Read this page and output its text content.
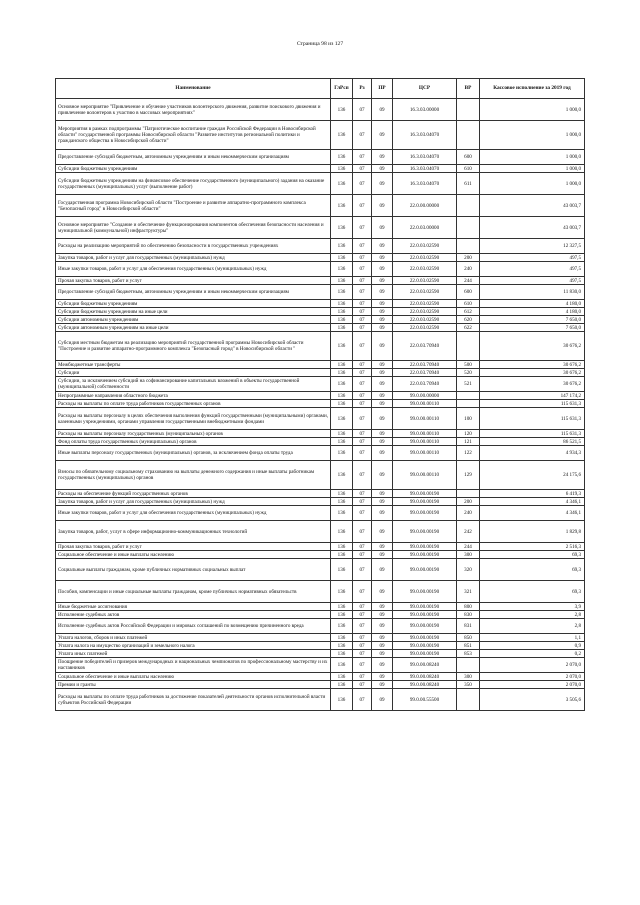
Страница 98 из 127
Наименование	ГлРсп	Рз	ПР	ЦСР	ВР	Кассовое исполнение за 2019 год
Основное мероприятие "Привлечение и обучение участников волонтерского движения, развитие поискового движения и привлечение волонтеров к участию в массовых мероприятиях"	136	07	09	16.3.03.00000		1 000,0
Мероприятия в рамках подпрограммы "Патриотическое воспитание граждан Российской Федерации в Новосибирской области" государственной программы Новосибирской области "Развитие институтов региональной политики и гражданского общества в Новосибирской области"	136	07	09	16.3.03.04070		1 000,0
Предоставление субсидий бюджетным, автономным учреждениям и иным некоммерческим организациям	136	07	09	16.3.03.04070	600	1 000,0
Субсидии бюджетным учреждениям	136	07	09	16.3.03.04070	610	1 000,0
Субсидии бюджетным учреждениям на финансовое обеспечение государственного (муниципального) задания на оказание государственных (муниципальных) услуг (выполнение работ)	136	07	09	16.3.03.04070	611	1 000,0
Государственная программа Новосибирской области "Построение и развитие аппаратно-программного комплекса "Безопасный город" в Новосибирской области"	136	07	09	22.0.00.00000		43 003,7
Основное мероприятие "Создание и обеспечение функционирования компонентов обеспечения безопасности населения и муниципальной (коммунальной) инфраструктуры"	136	07	09	22.0.03.00000		43 003,7
Расходы на реализацию мероприятий по обеспечению безопасности в государственных учреждениях	136	07	09	22.0.03.02590		12 327,5
Закупка товаров, работ и услуг для государственных (муниципальных) нужд	136	07	09	22.0.03.02590	200	497,5
Иные закупки товаров, работ и услуг для обеспечения государственных (муниципальных) нужд	136	07	09	22.0.03.02590	240	497,5
Прочая закупка товаров, работ и услуг	136	07	09	22.0.03.02590	244	497,5
Предоставление субсидий бюджетным, автономным учреждениям и иным некоммерческим организациям	136	07	09	22.0.03.02590	600	11 830,0
Субсидии бюджетным учреждениям	136	07	09	22.0.03.02590	610	4 180,0
Субсидии бюджетным учреждениям на иные цели	136	07	09	22.0.03.02590	612	4 180,0
Субсидии автономным учреждениям	136	07	09	22.0.03.02590	620	7 650,0
Субсидии автономным учреждениям на иные цели	136	07	09	22.0.03.02590	622	7 650,0
Субсидия местным бюджетам на реализацию мероприятий государственной программы Новосибирской области "Построение и развитие аппаратно-программного комплекса "Безопасный город" в Новосибирской области "	136	07	09	22.0.03.70940		30 676,2
Межбюджетные трансферты	136	07	09	22.0.03.70940	500	30 676,2
Субсидии	136	07	09	22.0.03.70940	520	30 676,2
Субсидии, за исключением субсидий на софинансирование капитальных вложений в объекты государственной (муниципальной) собственности	136	07	09	22.0.03.70940	521	30 676,2
Непрограммные направления областного бюджета	136	07	09	99.0.00.00000		147 174,2
Расходы на выплаты по оплате труда работников государственных органов	136	07	09	99.0.00.00110		115 631,3
Расходы на выплаты персоналу в целях обеспечения выполнения функций государственными (муниципальными) органами, казенными учреждениями, органами управления государственными внебюджетными фондами	136	07	09	99.0.00.00110	100	115 631,3
Расходы на выплаты персоналу государственных (муниципальных) органов	136	07	09	99.0.00.00110	120	115 631,3
Фонд оплаты труда государственных (муниципальных) органов	136	07	09	99.0.00.00110	121	86 521,5
Иные выплаты персоналу государственных (муниципальных) органов, за исключением фонда оплаты труда	136	07	09	99.0.00.00110	122	4 934,3
Взносы по обязательному социальному страхованию на выплаты денежного содержания и иные выплаты работникам государственных (муниципальных) органов	136	07	09	99.0.00.00110	129	24 175,6
Расходы на обеспечение функций государственных органов	136	07	09	99.0.00.00190		6 419,3
Закупка товаров, работ и услуг для государственных (муниципальных) нужд	136	07	09	99.0.00.00190	200	4 346,1
Иные закупки товаров, работ и услуг для обеспечения государственных (муниципальных) нужд	136	07	09	99.0.00.00190	240	4 346,1
Закупка товаров, работ, услуг в сфере информационно-коммуникационных технологий	136	07	09	99.0.00.00190	242	1 829,8
Прочая закупка товаров, работ и услуг	136	07	09	99.0.00.00190	244	2 516,3
Социальное обеспечение и иные выплаты населению	136	07	09	99.0.00.00190	300	69,3
Социальные выплаты гражданам, кроме публичных нормативных социальных выплат	136	07	09	99.0.00.00190	320	69,3
Пособия, компенсации и иные социальные выплаты гражданам, кроме публичных нормативных обязательств	136	07	09	99.0.00.00190	321	69,3
Иные бюджетные ассигнования	136	07	09	99.0.00.00190	800	3,9
Исполнение судебных актов	136	07	09	99.0.00.00190	830	2,8
Исполнение судебных актов Российской Федерации и мировых соглашений по возмещению причиненного вреда	136	07	09	99.0.00.00190	831	2,8
Уплата налогов, сборов и иных платежей	136	07	09	99.0.00.00190	850	1,1
Уплата налога на имущество организаций и земельного налога	136	07	09	99.0.00.00190	851	0,9
Уплата иных платежей	136	07	09	99.0.00.00190	853	0,2
Поощрение победителей и призеров международных и национальных чемпионатов по профессиональному мастерству и их наставников	136	07	09	99.0.00.08240		2 070,0
Социальное обеспечение и иные выплаты населению	136	07	09	99.0.00.08240	300	2 070,0
Премии и гранты	136	07	09	99.0.00.08240	350	2 070,0
Расходы на выплаты по оплате труда работников за достижение показателей деятельности органов исполнительной власти субъектов Российской Федерации	136	07	09	99.0.00.55500		3 505,6
